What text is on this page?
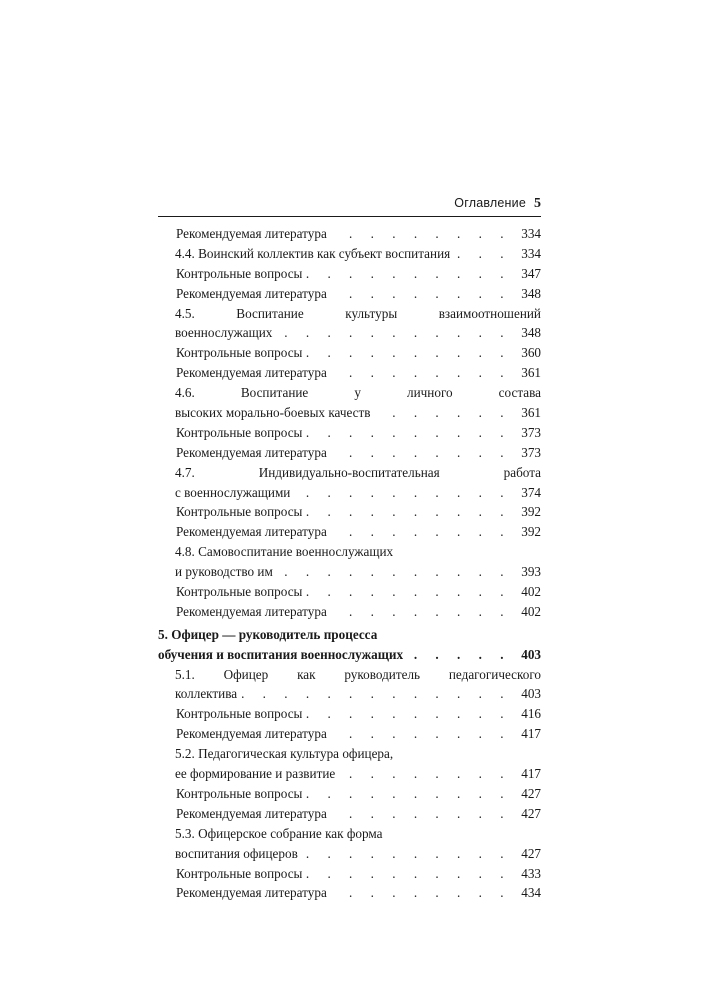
Оглавление 5
Рекомендуемая литература . . .	334
4.4. Воинский коллектив как субъект воспитания . . .	334
Контрольные вопросы . . .	347
Рекомендуемая литература . . .	348
4.5. Воспитание культуры взаимоотношений
военнослужащих . . .	348
Контрольные вопросы . . .	360
Рекомендуемая литература . . .	361
4.6. Воспитание у личного состава
высоких морально-боевых качеств . . .	361
Контрольные вопросы . . .	373
Рекомендуемая литература . . .	373
4.7. Индивидуально-воспитательная работа
с военнослужащими . . .	374
Контрольные вопросы . . .	392
Рекомендуемая литература . . .	392
4.8. Самовоспитание военнослужащих
и руководство им . . .	393
Контрольные вопросы . . .	402
Рекомендуемая литература . . .	402
5. Офицер — руководитель процесса
обучения и воспитания военнослужащих . . .	403
5.1. Офицер как руководитель педагогического
коллектива . . .	403
Контрольные вопросы . . .	416
Рекомендуемая литература . . .	417
5.2. Педагогическая культура офицера,
ее формирование и развитие . . .	417
Контрольные вопросы . . .	427
Рекомендуемая литература . . .	427
5.3. Офицерское собрание как форма
воспитания офицеров . . .	427
Контрольные вопросы . . .	433
Рекомендуемая литература . . .	434
